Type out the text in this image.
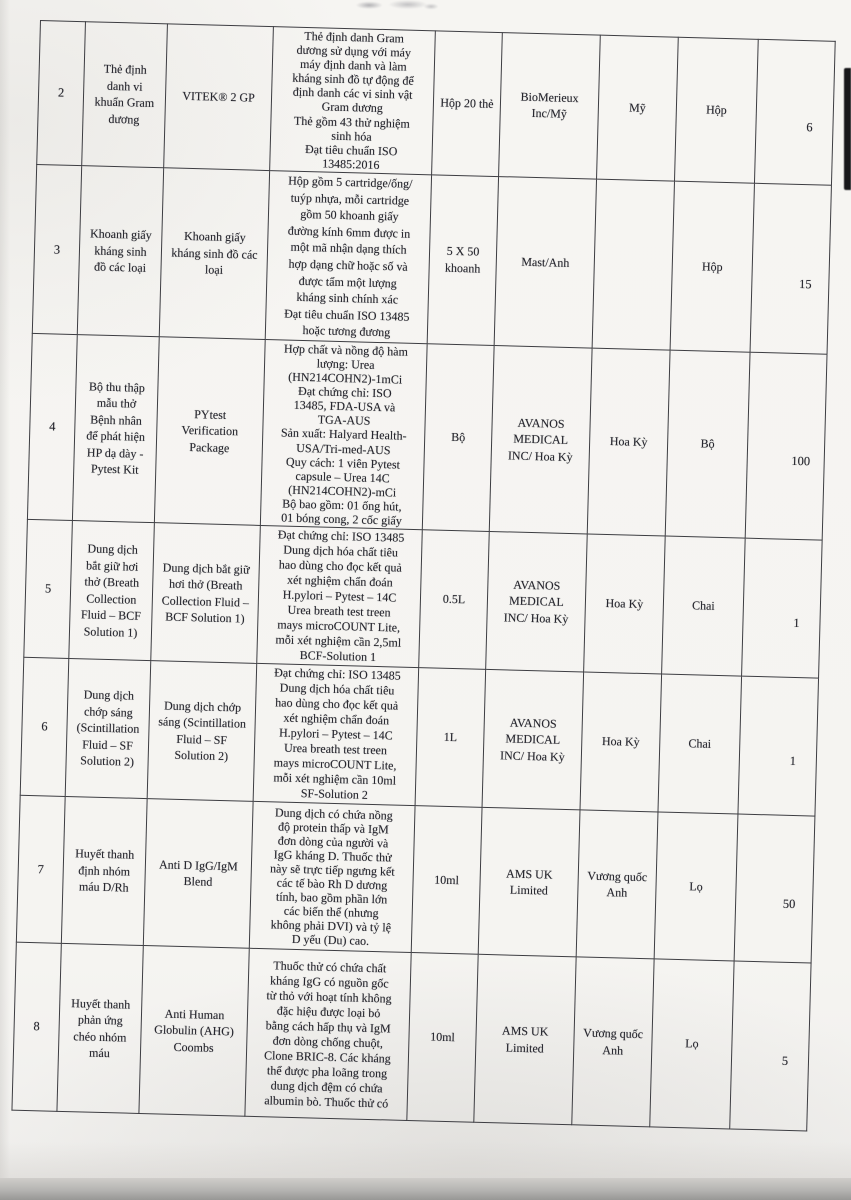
2	Thẻ định
danh vi
khuẩn Gram
dương	VITEK® 2 GP	Thẻ định danh Gram
dương sử dụng với máy
máy định danh và làm
kháng sinh đồ tự động để
định danh các vi sinh vật
Gram dương
Thẻ gồm 43 thử nghiệm
sinh hóa
Đạt tiêu chuẩn ISO
13485:2016	Hộp 20 thẻ	BioMerieux
Inc/Mỹ	Mỹ	Hộp	6
3	Khoanh giấy
kháng sinh
đồ các loại	Khoanh giấy
kháng sinh đồ các
loại	Hộp gồm 5 cartridge/ống/
tuýp nhựa, mỗi cartridge
gồm 50 khoanh giấy
đường kính 6mm được in
một mã nhận dạng thích
hợp dạng chữ hoặc số và
được tẩm một lượng
kháng sinh chính xác
Đạt tiêu chuẩn ISO 13485
hoặc tương đương	5 X 50
khoanh	Mast/Anh		Hộp	15
4	Bộ thu thập
mẫu thở
Bệnh nhân
để phát hiện
HP dạ dày -
Pytest Kit	PYtest
Verification
Package	Hợp chất và nồng độ hàm
lượng: Urea
(HN214COHN2)-1mCi
Đạt chứng chỉ: ISO
13485, FDA-USA và
TGA-AUS
Sản xuất: Halyard Health-
USA/Tri-med-AUS
Quy cách: 1 viên Pytest
capsule – Urea 14C
(HN214COHN2)-mCi
Bộ bao gồm: 01 ống hút,
01 bóng cong, 2 cốc giấy	Bộ	AVANOS
MEDICAL
INC/ Hoa Kỳ	Hoa Kỳ	Bộ	100
5	Dung dịch
bắt giữ hơi
thở (Breath
Collection
Fluid – BCF
Solution 1)	Dung dịch bắt giữ
hơi thở (Breath
Collection Fluid –
BCF Solution 1)	Đạt chứng chỉ: ISO 13485
Dung dịch hóa chất tiêu
hao dùng cho đọc kết quả
xét nghiệm chẩn đoán
H.pylori – Pytest – 14C
Urea breath test treen
mays microCOUNT Lite,
mỗi xét nghiệm cần 2,5ml
BCF-Solution 1	0.5L	AVANOS
MEDICAL
INC/ Hoa Kỳ	Hoa Kỳ	Chai	1
6	Dung dịch
chớp sáng
(Scintillation
Fluid – SF
Solution 2)	Dung dịch chớp
sáng (Scintillation
Fluid – SF
Solution 2)	Đạt chứng chỉ: ISO 13485
Dung dịch hóa chất tiêu
hao dùng cho đọc kết quả
xét nghiệm chẩn đoán
H.pylori – Pytest – 14C
Urea breath test treen
mays microCOUNT Lite,
mỗi xét nghiệm cần 10ml
SF-Solution 2	1L	AVANOS
MEDICAL
INC/ Hoa Kỳ	Hoa Kỳ	Chai	1
7	Huyết thanh
định nhóm
máu D/Rh	Anti D IgG/IgM
Blend	Dung dịch có chứa nồng
độ protein thấp và IgM
đơn dòng của người và
IgG kháng D. Thuốc thử
này sẽ trực tiếp ngưng kết
các tế bào Rh D dương
tính, bao gồm phần lớn
các biến thể (nhưng
không phải DVI) và tỷ lệ
D yếu (Du) cao.	10ml	AMS UK
Limited	Vương quốc
Anh	Lọ	50
8	Huyết thanh
phản ứng
chéo nhóm
máu	Anti Human
Globulin (AHG)
Coombs	Thuốc thử có chứa chất
kháng IgG có nguồn gốc
từ thỏ với hoạt tính không
đặc hiệu được loại bỏ
bằng cách hấp thụ và IgM
đơn dòng chống chuột,
Clone BRIC-8. Các kháng
thể được pha loãng trong
dung dịch đệm có chứa
albumin bò. Thuốc thử có	10ml	AMS UK
Limited	Vương quốc
Anh	Lọ	5
